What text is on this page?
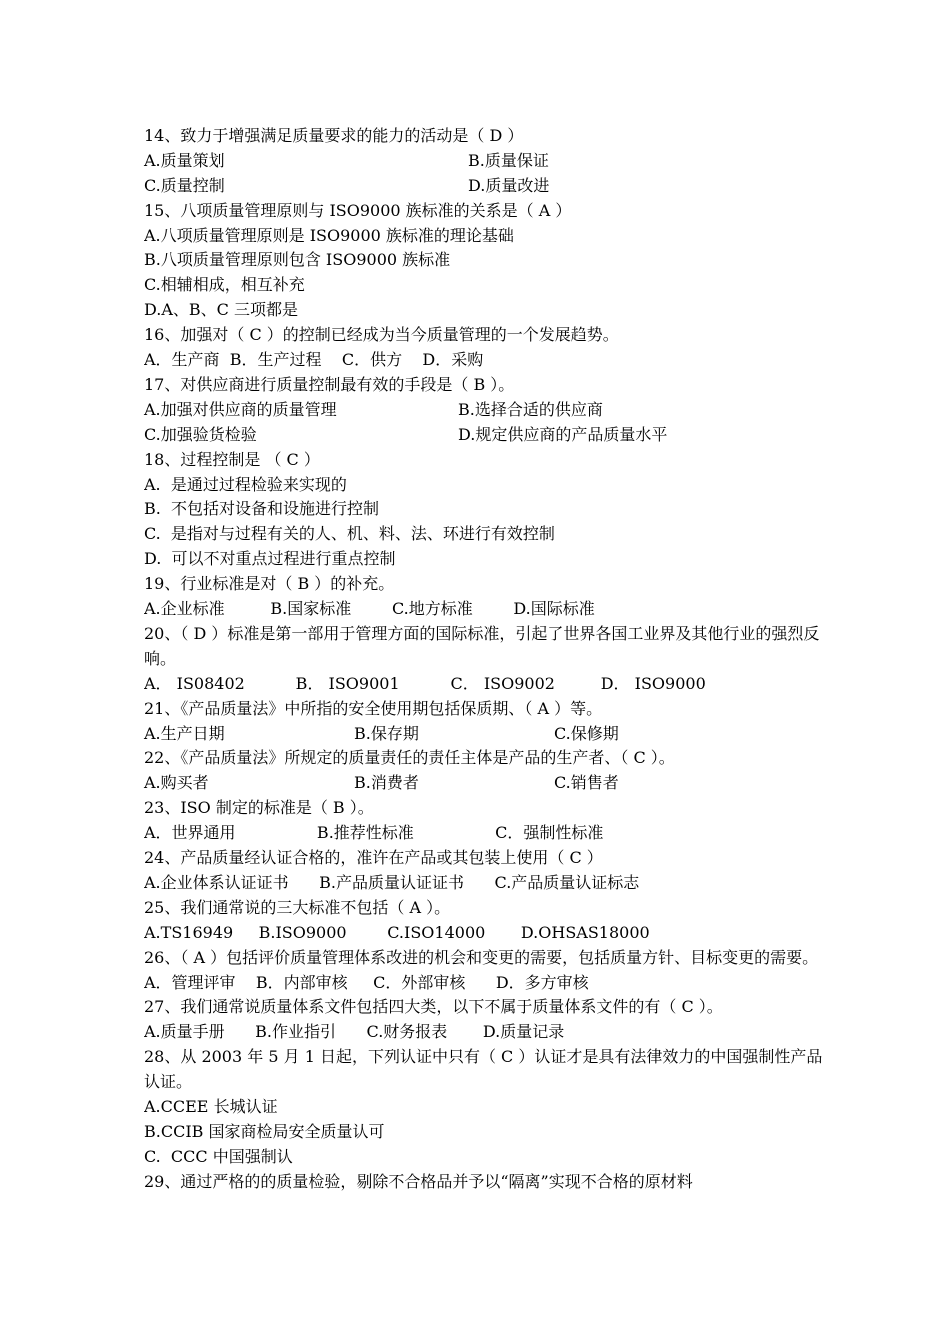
14、致力于增强满足质量要求的能力的活动是（ D ）
A.质量策划	B.质量保证
C.质量控制	D.质量改进
15、八项质量管理原则与 ISO9000 族标准的关系是（ A ）
A.八项质量管理原则是 ISO9000 族标准的理论基础
B.八项质量管理原则包含 ISO9000 族标准
C.相辅相成，相互补充
D.A、B、C 三项都是
16、加强对（ C ）的控制已经成为当今质量管理的一个发展趋势。
A．生产商  B．生产过程    C．供方    D．采购
17、对供应商进行质量控制最有效的手段是（ B ）。
A.加强对供应商的质量管理	B.选择合适的供应商
C.加强验货检验	D.规定供应商的产品质量水平
18、过程控制是 （ C ）
A.  是通过过程检验来实现的
B.  不包括对设备和设施进行控制
C.  是指对与过程有关的人、机、料、法、环进行有效控制
D.  可以不对重点过程进行重点控制
19、行业标准是对（ B ）的补充。
A.企业标准         B.国家标准        C.地方标准        D.国际标准
20、（ D ）标准是第一部用于管理方面的国际标准，引起了世界各国工业界及其他行业的强烈反响。
A． IS08402          B． ISO9001          C． ISO9002         D． ISO9000
21、《产品质量法》中所指的安全使用期包括保质期、（ A ）等。
A.生产日期	B.保存期	C.保修期
22、《产品质量法》所规定的质量责任的责任主体是产品的生产者、（ C ）。
A.购买者	B.消费者	C.销售者
23、ISO 制定的标准是（ B ）。
A．世界通用                B.推荐性标准                C．强制性标准
24、产品质量经认证合格的，准许在产品或其包装上使用（ C ）
A.企业体系认证证书      B.产品质量认证证书      C.产品质量认证标志
25、我们通常说的三大标准不包括（ A ）。
A.TS16949     B.ISO9000        C.ISO14000       D.OHSAS18000
26、（ A ）包括评价质量管理体系改进的机会和变更的需要，包括质量方针、目标变更的需要。
A．管理评审    B．内部审核     C．外部审核      D．多方审核
27、我们通常说质量体系文件包括四大类，以下不属于质量体系文件的有（ C ）。
A.质量手册      B.作业指引      C.财务报表       D.质量记录
28、从 2003 年 5 月 1 日起，下列认证中只有（ C ）认证才是具有法律效力的中国强制性产品认证。
A.CCEE 长城认证
B.CCIB 国家商检局安全质量认可
C.  CCC 中国强制认
29、通过严格的的质量检验，剔除不合格品并予以“隔离”实现不合格的原材料
